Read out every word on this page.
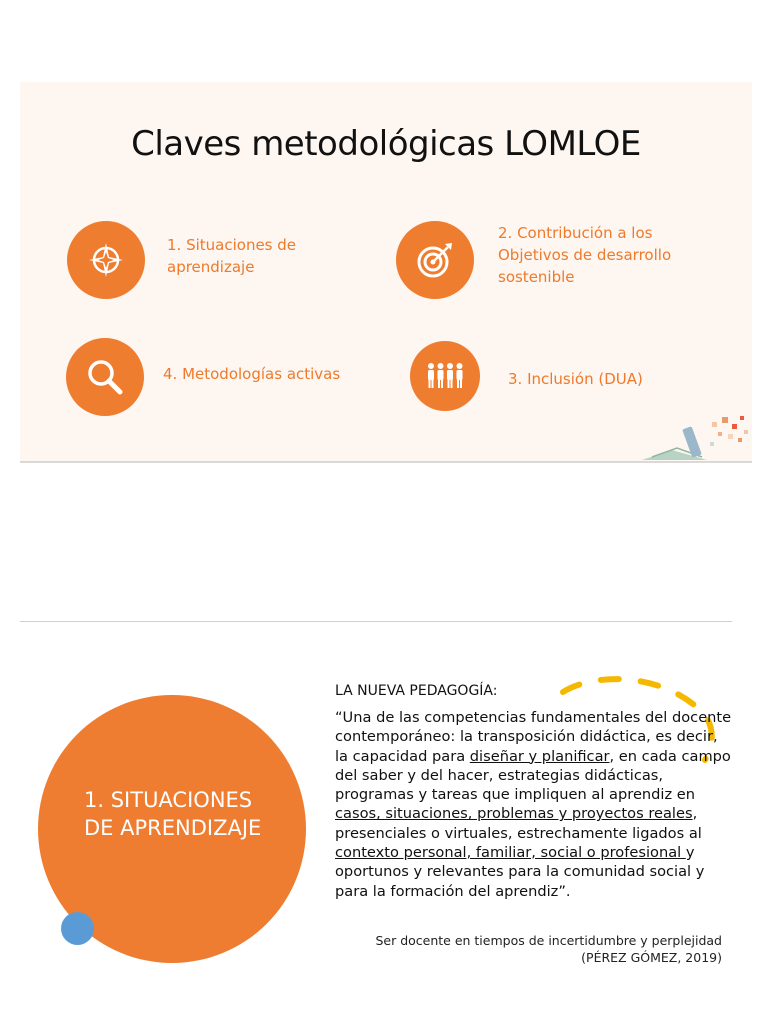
Claves metodológicas LOMLOE
1. Situaciones de
aprendizaje
2. Contribución a los
Objetivos de desarrollo
sostenible
4. Metodologías activas	3. Inclusión (DUA)
1. SITUACIONES
DE APRENDIZAJE
LA NUEVA PEDAGOGÍA:
“Una de las competencias fundamentales del docente contemporáneo: la transposición didáctica, es decir, la capacidad para diseñar y planificar, en cada campo del saber y del hacer, estrategias didácticas, programas y tareas que impliquen al aprendiz en casos, situaciones, problemas y proyectos reales, presenciales o virtuales, estrechamente ligados al contexto personal, familiar, social o profesional y oportunos y relevantes para la comunidad social y para la formación del aprendiz”.
Ser docente en tiempos de incertidumbre y perplejidad
(PÉREZ GÓMEZ, 2019)
